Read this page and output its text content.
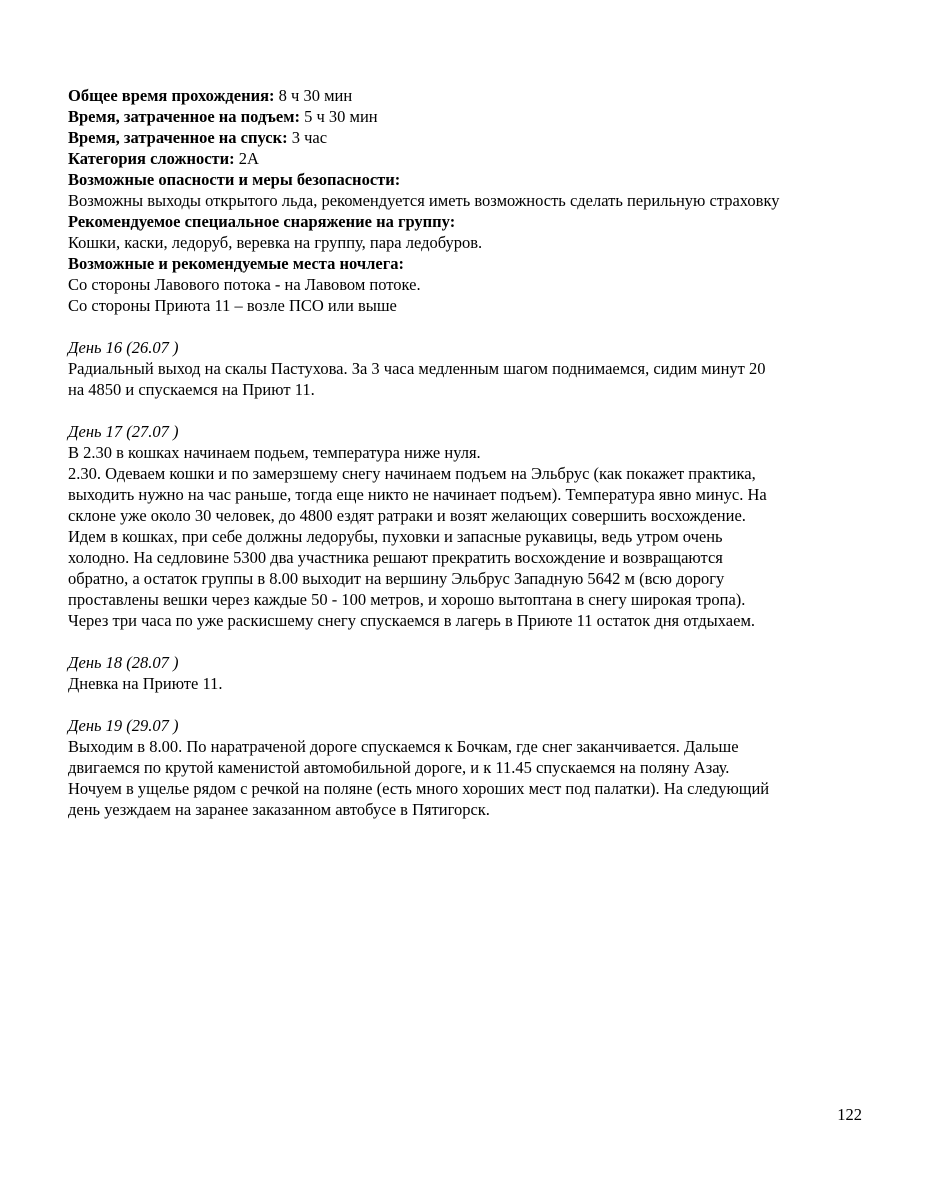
Общее время прохождения: 8 ч 30 мин

Время, затраченное на подъем: 5 ч 30 мин

Время, затраченное на спуск: 3 час

Категория сложности: 2А

Возможные опасности и меры безопасности:

Возможны выходы открытого льда, рекомендуется иметь возможность сделать перильную страховку

Рекомендуемое специальное снаряжение на группу:

Кошки, каски, ледоруб, веревка на группу, пара ледобуров.

Возможные и рекомендуемые места ночлега:

Со стороны Лавового потока - на Лавовом потоке.

Со стороны Приюта 11 – возле ПСО или выше

День 16 (26.07 )

Радиальный выход на скалы Пастухова. За 3 часа медленным шагом поднимаемся, сидим минут 20

на 4850 и спускаемся на Приют 11.

День 17 (27.07 )

В 2.30 в кошках начинаем подьем, температура ниже нуля.

2.30. Одеваем кошки и по замерзшему снегу начинаем подъем на Эльбрус (как покажет практика,

выходить нужно на час раньше, тогда еще никто не начинает подъем). Температура явно минус. На

склоне уже около 30 человек, до 4800 ездят ратраки и возят желающих совершить восхождение.

Идем в кошках, при себе должны ледорубы, пуховки и запасные рукавицы, ведь утром очень

холодно. На седловине 5300 два участника решают прекратить восхождение и возвращаются

обратно, а остаток группы в 8.00 выходит на вершину Эльбрус Западную 5642 м (всю дорогу

проставлены вешки через каждые 50 - 100 метров, и хорошо вытоптана в снегу широкая тропа).

Через три часа по уже раскисшему снегу спускаемся в лагерь в Приюте 11 остаток дня отдыхаем.

День 18 (28.07 )

Дневка на Приюте 11.

День 19 (29.07 )

Выходим в 8.00. По наратраченой дороге спускаемся к Бочкам, где снег заканчивается. Дальше

двигаемся по крутой каменистой автомобильной дороге, и к 11.45 спускаемся на поляну Азау.

Ночуем в ущелье рядом с речкой на поляне (есть много хороших мест под палатки). На следующий

день уезждаем на заранее заказанном автобусе в Пятигорск.

122
